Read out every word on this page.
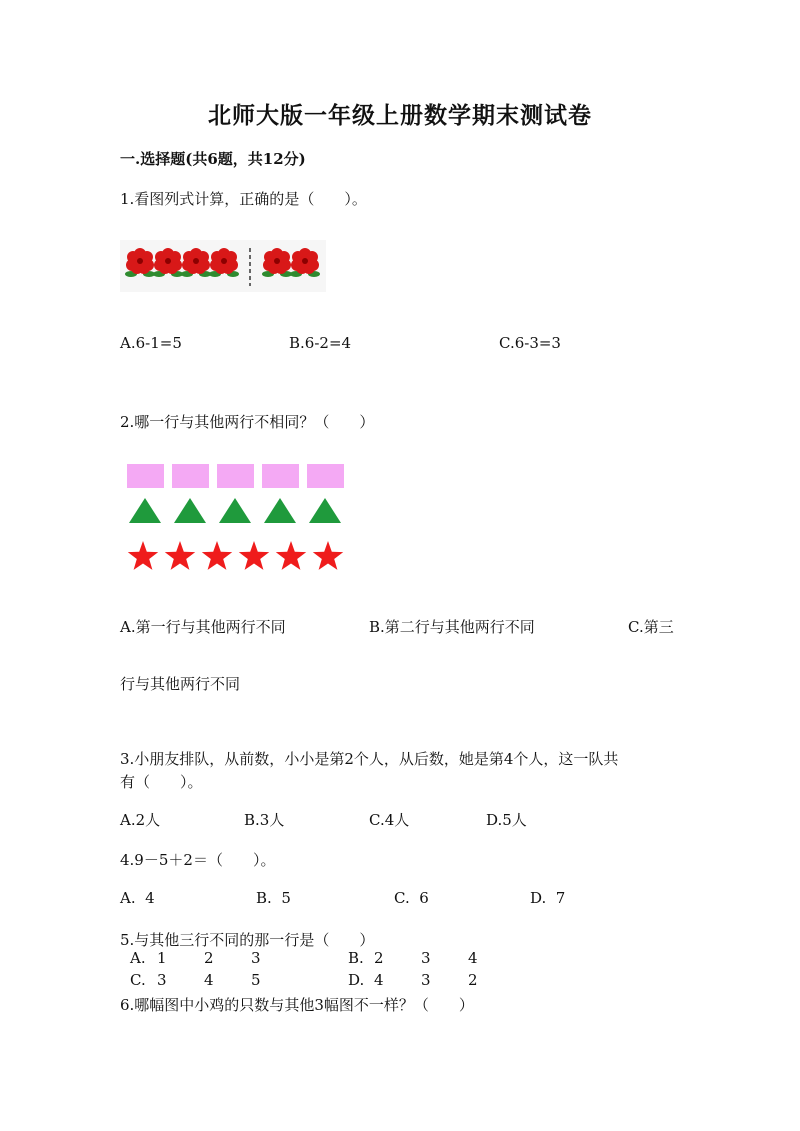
北师大版一年级上册数学期末测试卷
一.选择题(共6题，共12分)
1.看图列式计算，正确的是（　　）。
A.6-1=5	B.6-2=4	C.6-3=3
2.哪一行与其他两行不相同？（　　）
A.第一行与其他两行不同	B.第二行与其他两行不同	C.第三
行与其他两行不同
3.小朋友排队，从前数，小小是第2个人，从后数，她是第4个人，这一队共
有（　　）。
A.2人	B.3人	C.4人	D.5人
4.9－5＋2＝（　　）。
A.  4	B.  5	C.  6	D.  7
5.与其他三行不同的那一行是（　　）
A. 1 2 3	B. 2 3 4
C. 3 4 5	D. 4 3 2
6.哪幅图中小鸡的只数与其他3幅图不一样？（　　）
